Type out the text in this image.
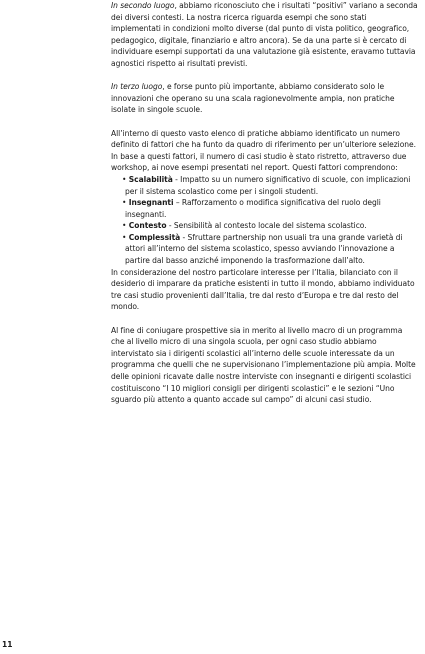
In secondo luogo, abbiamo riconosciuto che i risultati “positivi” variano a seconda dei diversi contesti. La nostra ricerca riguarda esempi che sono stati implementati in condizioni molto diverse (dal punto di vista politico, geografico, pedagogico, digitale, finanziario e altro ancora). Se da una parte si è cercato di individuare esempi supportati da una valutazione già esistente, eravamo tuttavia agnostici rispetto ai risultati previsti.

In terzo luogo, e forse punto più importante, abbiamo considerato solo le innovazioni che operano su una scala ragionevolmente ampia, non pratiche isolate in singole scuole.

All’interno di questo vasto elenco di pratiche abbiamo identificato un numero definito di fattori che ha funto da quadro di riferimento per un’ulteriore selezione. In base a questi fattori, il numero di casi studio è stato ristretto, attraverso due workshop, ai nove esempi presentati nel report. Questi fattori comprendono:

• Scalabilità - Impatto su un numero significativo di scuole, con implicazioni per il sistema scolastico come per i singoli studenti.
• Insegnanti – Rafforzamento o modifica significativa del ruolo degli insegnanti.
• Contesto - Sensibilità al contesto locale del sistema scolastico.
• Complessità - Sfruttare partnership non usuali tra una grande varietà di attori all’interno del sistema scolastico, spesso avviando l’innovazione a partire dal basso anziché imponendo la trasformazione dall’alto.

In considerazione del nostro particolare interesse per l’Italia, bilanciato con il desiderio di imparare da pratiche esistenti in tutto il mondo, abbiamo individuato tre casi studio provenienti dall’Italia, tre dal resto d’Europa e tre dal resto del mondo.

Al fine di coniugare prospettive sia in merito al livello macro di un programma che al livello micro di una singola scuola, per ogni caso studio abbiamo intervistato sia i dirigenti scolastici all’interno delle scuole interessate da un programma che quelli che ne supervisionano l’implementazione più ampia. Molte delle opinioni ricavate dalle nostre interviste con insegnanti e dirigenti scolastici costituiscono “I 10 migliori consigli per dirigenti scolastici” e le sezioni “Uno sguardo più attento a quanto accade sul campo” di alcuni casi studio.

11
